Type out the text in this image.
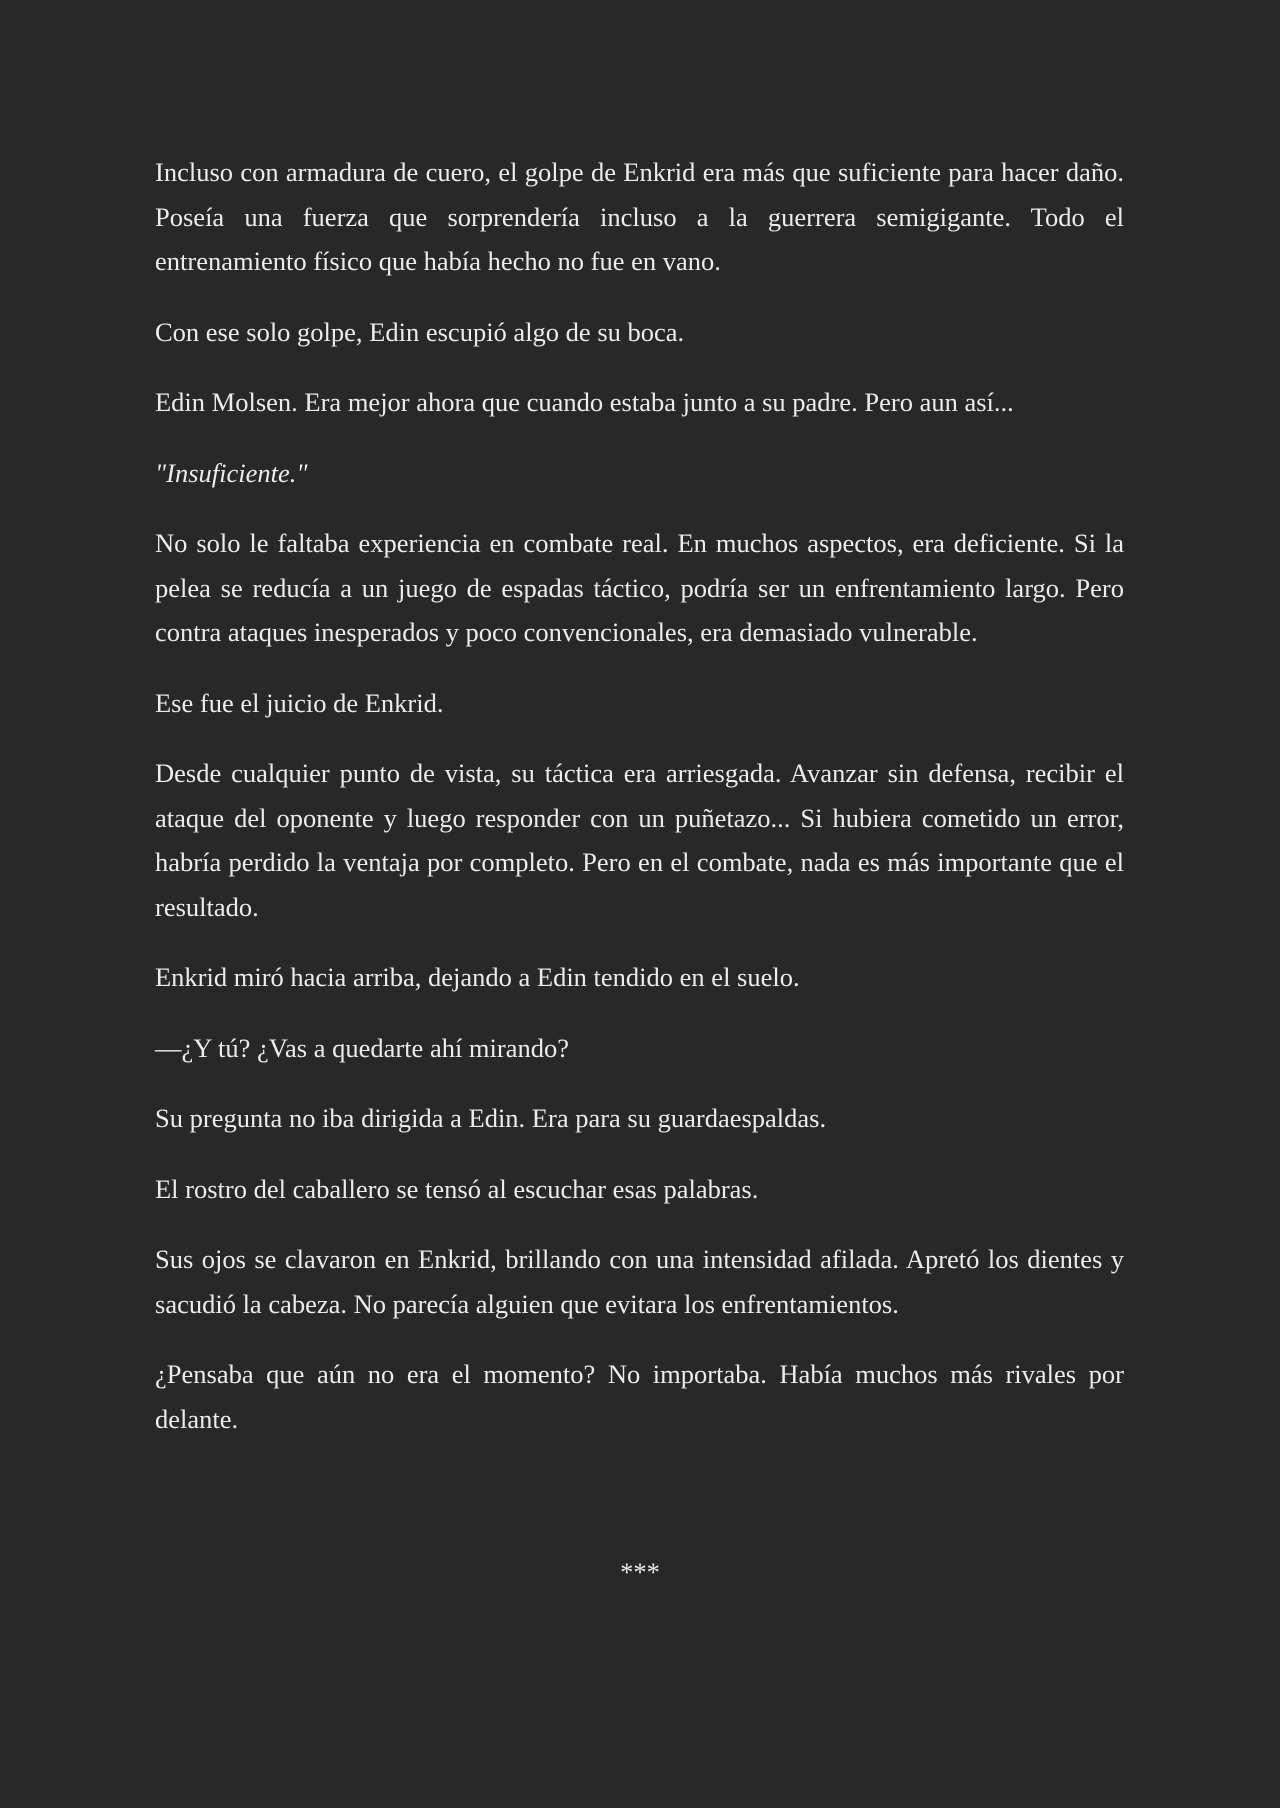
Incluso con armadura de cuero, el golpe de Enkrid era más que suficiente para hacer daño. Poseía una fuerza que sorprendería incluso a la guerrera semigigante. Todo el entrenamiento físico que había hecho no fue en vano.

Con ese solo golpe, Edin escupió algo de su boca.

Edin Molsen. Era mejor ahora que cuando estaba junto a su padre. Pero aun así...

"Insuficiente."

No solo le faltaba experiencia en combate real. En muchos aspectos, era deficiente. Si la pelea se reducía a un juego de espadas táctico, podría ser un enfrentamiento largo. Pero contra ataques inesperados y poco convencionales, era demasiado vulnerable.

Ese fue el juicio de Enkrid.

Desde cualquier punto de vista, su táctica era arriesgada. Avanzar sin defensa, recibir el ataque del oponente y luego responder con un puñetazo... Si hubiera cometido un error, habría perdido la ventaja por completo. Pero en el combate, nada es más importante que el resultado.

Enkrid miró hacia arriba, dejando a Edin tendido en el suelo.

—¿Y tú? ¿Vas a quedarte ahí mirando?

Su pregunta no iba dirigida a Edin. Era para su guardaespaldas.

El rostro del caballero se tensó al escuchar esas palabras.

Sus ojos se clavaron en Enkrid, brillando con una intensidad afilada. Apretó los dientes y sacudió la cabeza. No parecía alguien que evitara los enfrentamientos.

¿Pensaba que aún no era el momento? No importaba. Había muchos más rivales por delante.

***
